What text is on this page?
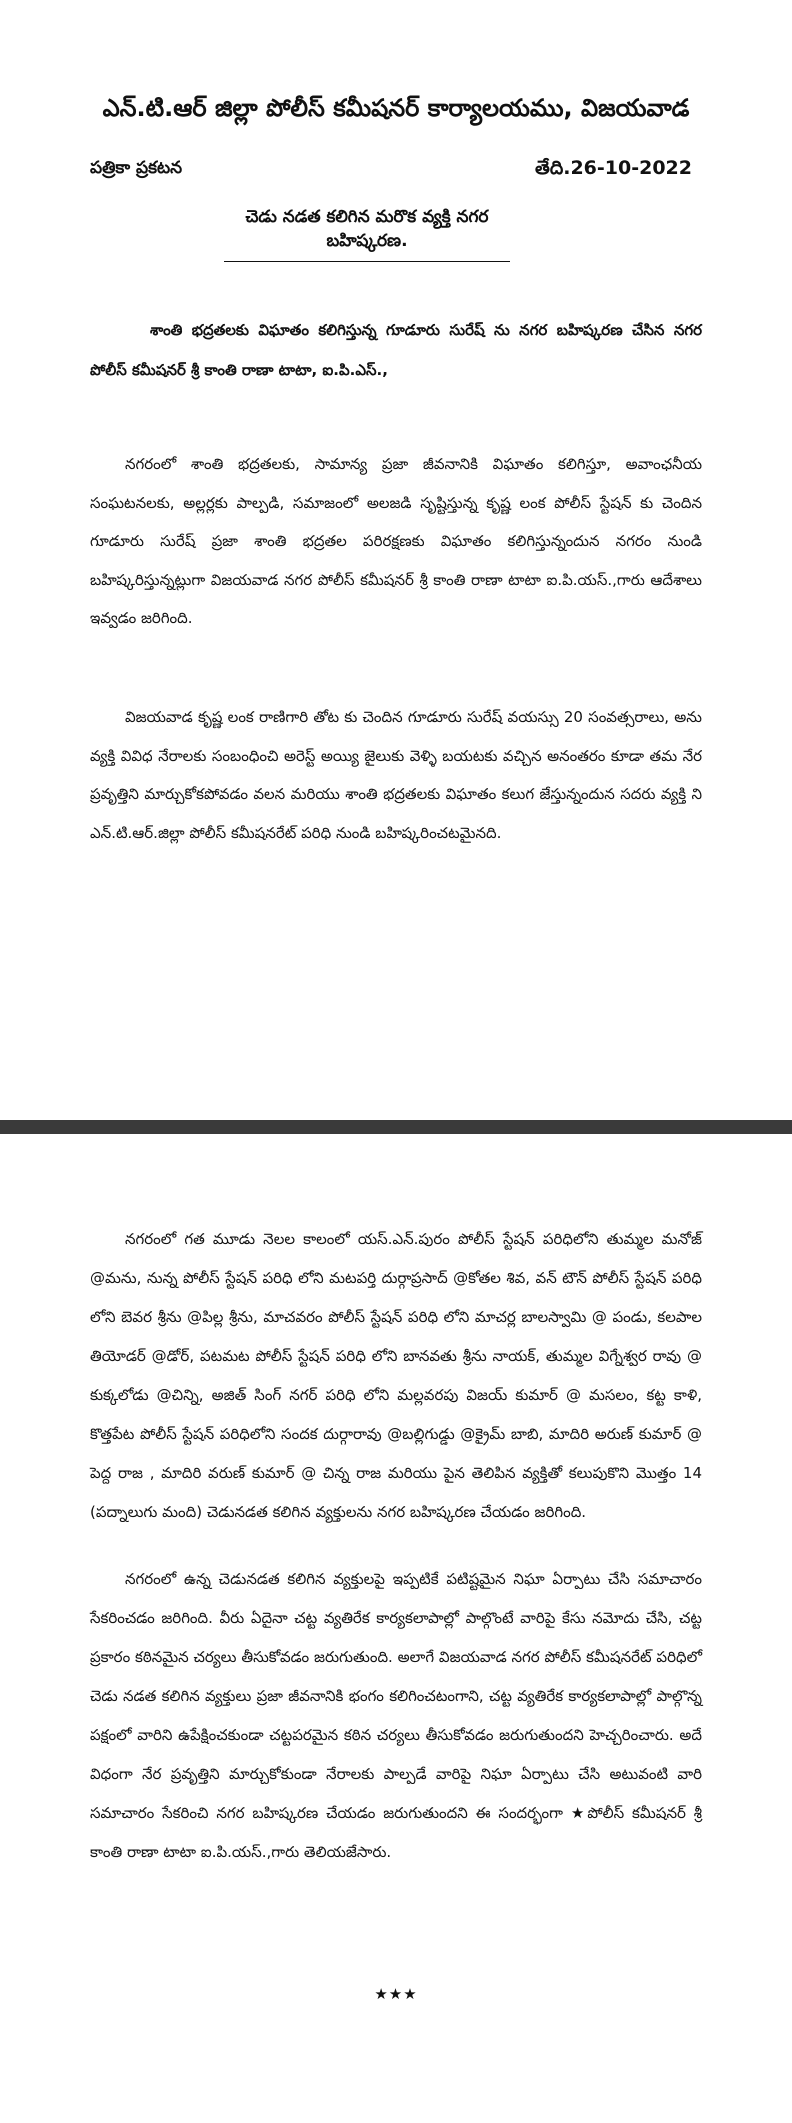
ఎన్.టి.ఆర్ జిల్లా పోలీస్ కమీషనర్ కార్యాలయము, విజయవాడ
పత్రికా ప్రకటన	తేది.26-10-2022
చెడు నడత కలిగిన మరొక వ్యక్తి నగర బహిష్కరణ.
శాంతి భద్రతలకు విఘాతం కలిగిస్తున్న గూడూరు సురేష్ ను నగర బహిష్కరణ చేసిన నగర పోలీస్ కమీషనర్ శ్రీ కాంతి రాణా టాటా, ఐ.పి.ఎస్.,

నగరంలో శాంతి భద్రతలకు, సామాన్య ప్రజా జీవనానికి విఘాతం కలిగిస్తూ, అవాంఛనీయ సంఘటనలకు, అల్లర్లకు పాల్పడి, సమాజంలో అలజడి సృష్టిస్తున్న కృష్ణ లంక పోలీస్ స్టేషన్ కు చెందిన గూడూరు సురేష్ ప్రజా శాంతి భద్రతల పరిరక్షణకు విఘాతం కలిగిస్తున్నందున నగరం నుండి బహిష్కరిస్తున్నట్లుగా విజయవాడ నగర పోలీస్ కమీషనర్ శ్రీ కాంతి రాణా టాటా ఐ.పి.యస్.,గారు ఆదేశాలు ఇవ్వడం జరిగింది.

విజయవాడ కృష్ణ లంక రాణిగారి తోట కు చెందిన గూడూరు సురేష్ వయస్సు 20 సంవత్సరాలు, అను వ్యక్తి వివిధ నేరాలకు సంబంధించి అరెస్ట్ అయ్యి జైలుకు వెళ్ళి బయటకు వచ్చిన అనంతరం కూడా తమ నేర ప్రవృత్తిని మార్చుకోకపోవడం వలన మరియు శాంతి భద్రతలకు విఘాతం కలుగ జేస్తున్నందున సదరు వ్యక్తి ని ఎన్.టి.ఆర్.జిల్లా పోలీస్ కమీషనరేట్ పరిధి నుండి బహిష్కరించటమైనది.

నగరంలో గత మూడు నెలల కాలంలో యస్.ఎన్.పురం పోలీస్ స్టేషన్ పరిధిలోని తుమ్మల మనోజ్ @మను, నున్న పోలీస్ స్టేషన్ పరిధి లోని మటపర్తి దుర్గాప్రసాద్ @కోతల శివ, వన్ టౌన్ పోలీస్ స్టేషన్ పరిధి లోని బెవర శ్రీను @పిల్ల శ్రీను, మాచవరం పోలీస్ స్టేషన్ పరిధి లోని మాచర్ల బాలస్వామి @ పండు, కలపాల తియోడర్ @డోర్, పటమట పోలీస్ స్టేషన్ పరిధి లోని బానవతు శ్రీను నాయక్, తుమ్మల విగ్నేశ్వర రావు @ కుక్కలోడు @చిన్ని, అజిత్ సింగ్ నగర్ పరిధి లోని మల్లవరపు విజయ్ కుమార్ @ మసలం, కట్ట కాళి, కొత్తపేట పోలీస్ స్టేషన్ పరిధిలోని సందక దుర్గారావు @బల్లిగుడ్డు @క్రైమ్ బాబి, మాదిరి అరుణ్ కుమార్ @ పెద్ద రాజ , మాదిరి వరుణ్ కుమార్ @ చిన్న రాజ మరియు పైన తెలిపిన వ్యక్తితో కలుపుకొని మొత్తం 14 (పద్నాలుగు మంది) చెడునడత కలిగిన వ్యక్తులను నగర బహిష్కరణ చేయడం జరిగింది.

నగరంలో ఉన్న చెడునడత కలిగిన వ్యక్తులపై ఇప్పటికే పటిష్టమైన నిఘా ఏర్పాటు చేసి సమాచారం సేకరించడం జరిగింది. వీరు ఏదైనా చట్ట వ్యతిరేక కార్యకలాపాల్లో పాల్గొంటే వారిపై కేసు నమోదు చేసి, చట్ట ప్రకారం కఠినమైన చర్యలు తీసుకోవడం జరుగుతుంది. అలాగే విజయవాడ నగర పోలీస్ కమీషనరేట్ పరిధిలో చెడు నడత కలిగిన వ్యక్తులు ప్రజా జీవనానికి భంగం కలిగించటంగాని, చట్ట వ్యతిరేక కార్యకలాపాల్లో పాల్గొన్న పక్షంలో వారిని ఉపేక్షించకుండా చట్టపరమైన కఠిన చర్యలు తీసుకోవడం జరుగుతుందని హెచ్చరించారు. అదే విధంగా నేర ప్రవృత్తిని మార్చుకోకుండా నేరాలకు పాల్పడే వారిపై నిఘా ఏర్పాటు చేసి అటువంటి వారి సమాచారం సేకరించి నగర బహిష్కరణ చేయడం జరుగుతుందని ఈ సందర్భంగా ★పోలీస్ కమీషనర్ శ్రీ కాంతి రాణా టాటా ఐ.పి.యస్.,గారు తెలియజేసారు.

★★★
